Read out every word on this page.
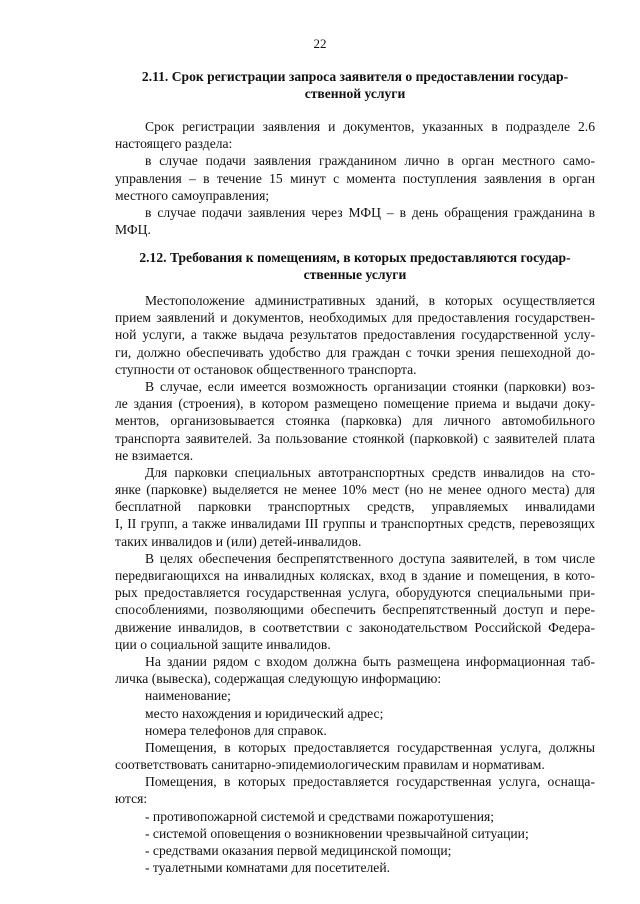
22
2.11. Срок регистрации запроса заявителя о предоставлении государ-
ственной услуги
Срок регистрации заявления и документов, указанных в подразделе 2.6
настоящего раздела:
в случае подачи заявления гражданином лично в орган местного само-
управления – в течение 15 минут с момента поступления заявления в орган
местного самоуправления;
в случае подачи заявления через МФЦ – в день обращения гражданина в
МФЦ.
2.12. Требования к помещениям, в которых предоставляются государ-
ственные услуги
Местоположение административных зданий, в которых осуществляется
прием заявлений и документов, необходимых для предоставления государствен-
ной услуги, а также выдача результатов предоставления государственной услу-
ги, должно обеспечивать удобство для граждан с точки зрения пешеходной до-
ступности от остановок общественного транспорта.
В случае, если имеется возможность организации стоянки (парковки) воз-
ле здания (строения), в котором размещено помещение приема и выдачи доку-
ментов, организовывается стоянка (парковка) для личного автомобильного
транспорта заявителей. За пользование стоянкой (парковкой) с заявителей плата
не взимается.
Для парковки специальных автотранспортных средств инвалидов на сто-
янке (парковке) выделяется не менее 10% мест (но не менее одного места) для
бесплатной парковки транспортных средств, управляемых инвалидами
I, II групп, а также инвалидами III группы и транспортных средств, перевозящих
таких инвалидов и (или) детей-инвалидов.
В целях обеспечения беспрепятственного доступа заявителей, в том числе
передвигающихся на инвалидных колясках, вход в здание и помещения, в кото-
рых предоставляется государственная услуга, оборудуются специальными при-
способлениями, позволяющими обеспечить беспрепятственный доступ и пере-
движение инвалидов, в соответствии с законодательством Российской Федера-
ции о социальной защите инвалидов.
На здании рядом с входом должна быть размещена информационная таб-
личка (вывеска), содержащая следующую информацию:
наименование;
место нахождения и юридический адрес;
номера телефонов для справок.
Помещения, в которых предоставляется государственная услуга, должны
соответствовать санитарно-эпидемиологическим правилам и нормативам.
Помещения, в которых предоставляется государственная услуга, оснаща-
ются:
- противопожарной системой и средствами пожаротушения;
- системой оповещения о возникновении чрезвычайной ситуации;
- средствами оказания первой медицинской помощи;
- туалетными комнатами для посетителей.
